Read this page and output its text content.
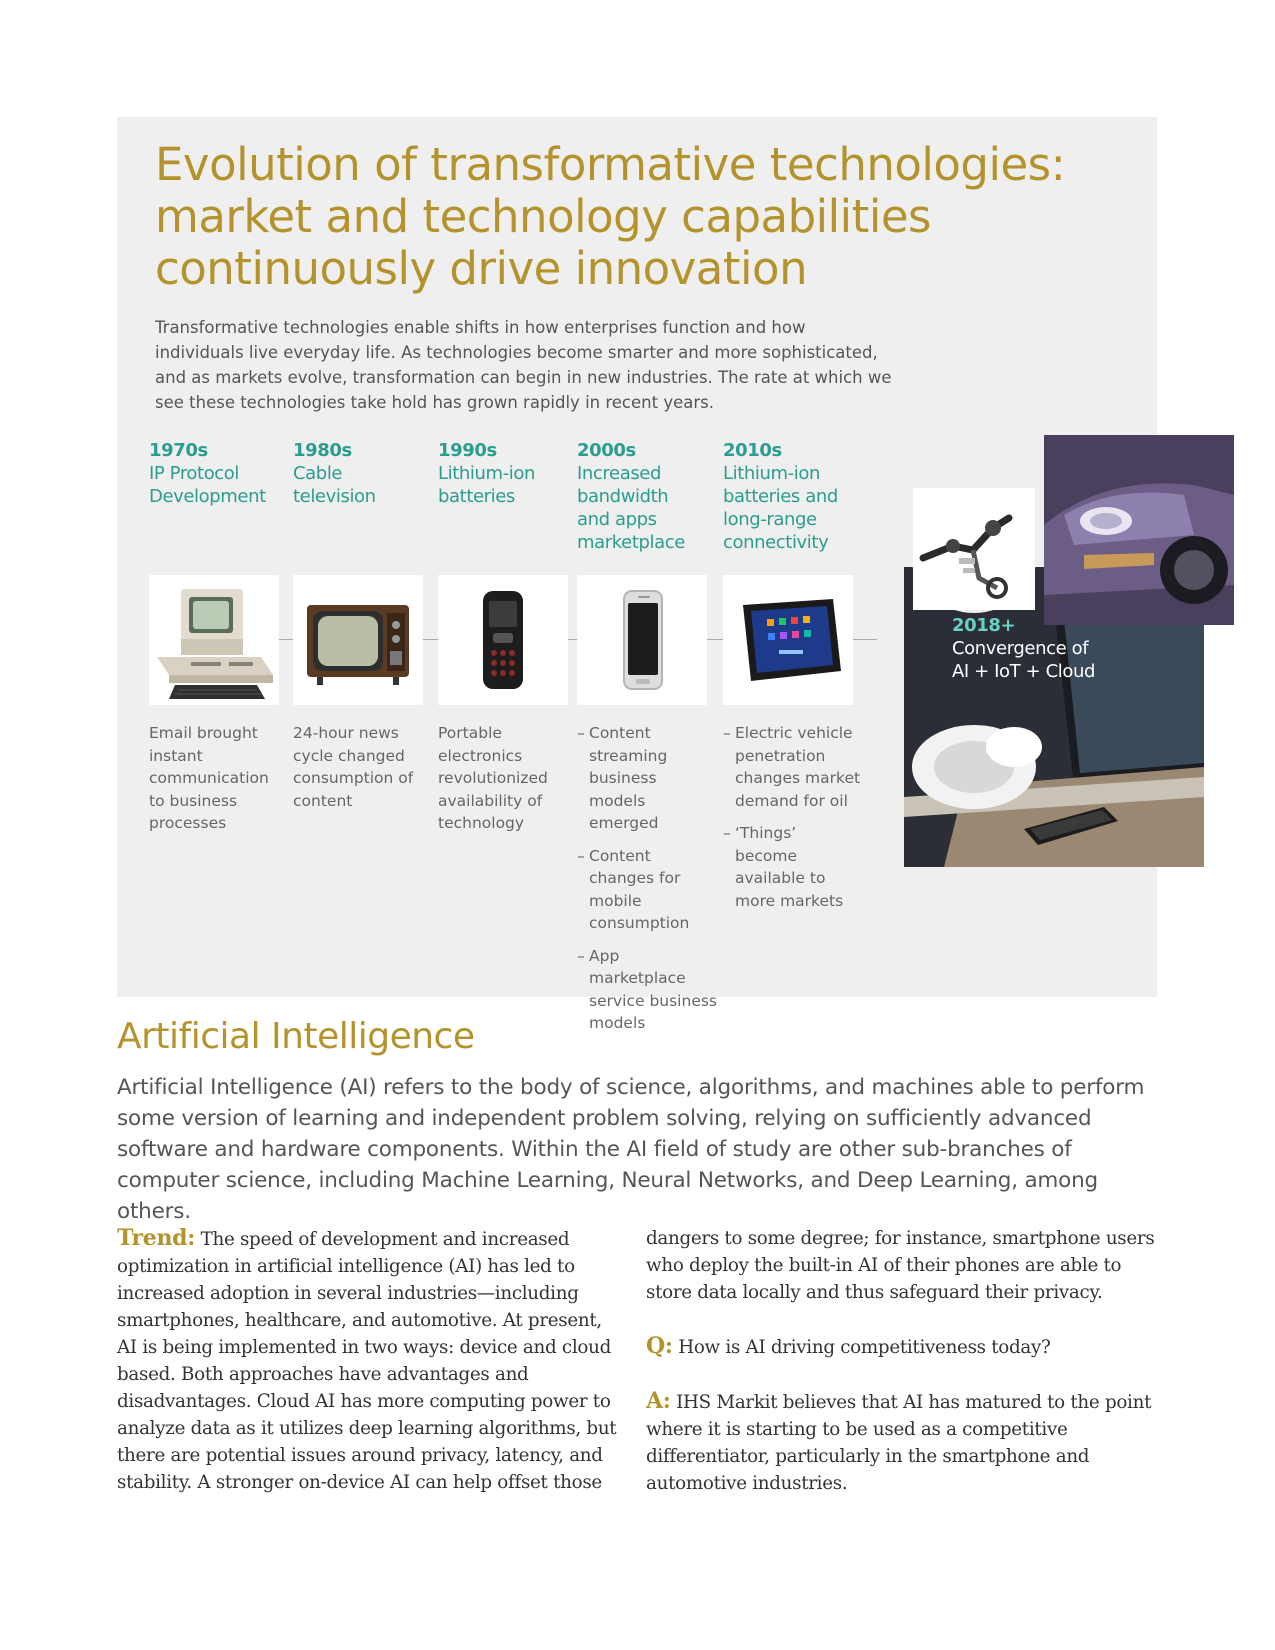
Evolution of transformative technologies:
market and technology capabilities
continuously drive innovation

Transformative technologies enable shifts in how enterprises function and how individuals live everyday life. As technologies become smarter and more sophisticated, and as markets evolve, transformation can begin in new industries. The rate at which we see these technologies take hold has grown rapidly in recent years.

1970s
IP Protocol
Development
1980s
Cable
television
1990s
Lithium-ion
batteries
2000s
Increased
bandwidth
and apps
marketplace
2010s
Lithium-ion
batteries and
long-range
connectivity
Email brought instant communication to business processes
24-hour news cycle changed consumption of content
Portable electronics revolutionized availability of technology
– Content streaming business models emerged
– Content changes for mobile consumption
– App marketplace service business models
– Electric vehicle penetration changes market demand for oil
– ‘Things’ become available to more markets
2018+
Convergence of
AI + IoT + Cloud
Artificial Intelligence

Artificial Intelligence (AI) refers to the body of science, algorithms, and machines able to perform some version of learning and independent problem solving, relying on sufficiently advanced software and hardware components. Within the AI field of study are other sub-branches of computer science, including Machine Learning, Neural Networks, and Deep Learning, among others.

Trend: The speed of development and increased optimization in artificial intelligence (AI) has led to increased adoption in several industries—including smartphones, healthcare, and automotive. At present, AI is being implemented in two ways: device and cloud based. Both approaches have advantages and disadvantages. Cloud AI has more computing power to analyze data as it utilizes deep learning algorithms, but there are potential issues around privacy, latency, and stability. A stronger on-device AI can help offset those

dangers to some degree; for instance, smartphone users who deploy the built-in AI of their phones are able to store data locally and thus safeguard their privacy.

Q: How is AI driving competitiveness today?

A: IHS Markit believes that AI has matured to the point where it is starting to be used as a competitive differentiator, particularly in the smartphone and automotive industries.
